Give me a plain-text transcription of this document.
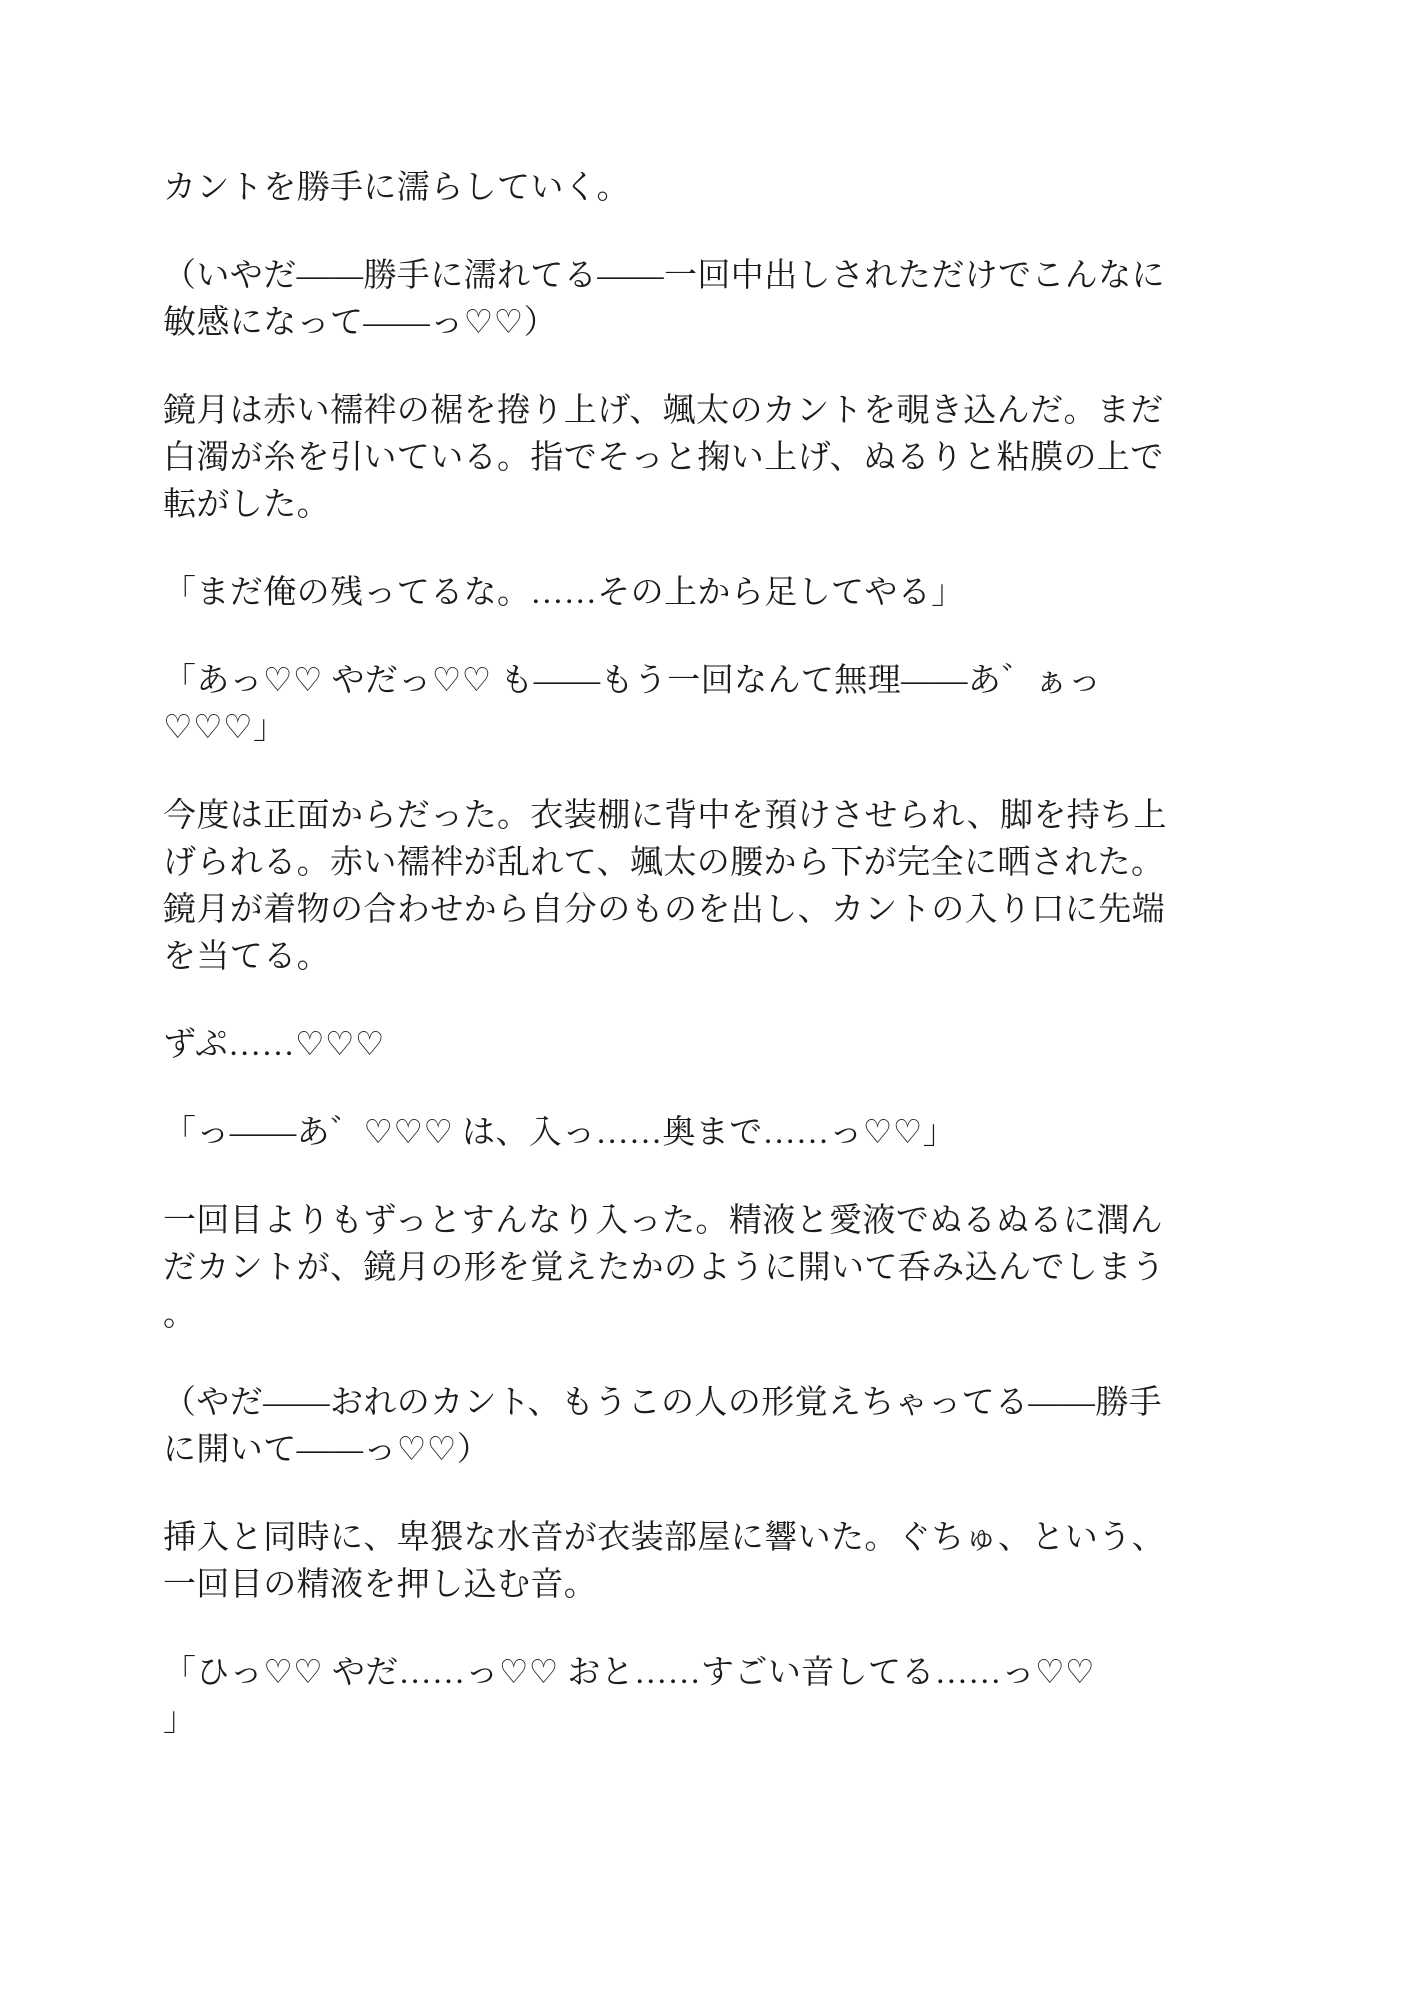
カントを勝手に濡らしていく。

（いやだ——勝手に濡れてる——一回中出しされただけでこんなに
敏感になって——っ♡♡）

鏡月は赤い襦袢の裾を捲り上げ、颯太のカントを覗き込んだ。まだ
白濁が糸を引いている。指でそっと掬い上げ、ぬるりと粘膜の上で
転がした。

「まだ俺の残ってるな。……その上から足してやる」

「あっ♡♡ やだっ♡♡ も——もう一回なんて無理——あ゛ぁっ
♡♡♡」

今度は正面からだった。衣装棚に背中を預けさせられ、脚を持ち上
げられる。赤い襦袢が乱れて、颯太の腰から下が完全に晒された。
鏡月が着物の合わせから自分のものを出し、カントの入り口に先端
を当てる。

ずぷ……♡♡♡

「っ——あ゛♡♡♡ は、入っ……奥まで……っ♡♡」

一回目よりもずっとすんなり入った。精液と愛液でぬるぬるに潤ん
だカントが、鏡月の形を覚えたかのように開いて呑み込んでしまう
。

（やだ——おれのカント、もうこの人の形覚えちゃってる——勝手
に開いて——っ♡♡）

挿入と同時に、卑猥な水音が衣装部屋に響いた。ぐちゅ、という、
一回目の精液を押し込む音。

「ひっ♡♡ やだ……っ♡♡ おと……すごい音してる……っ♡♡
」
